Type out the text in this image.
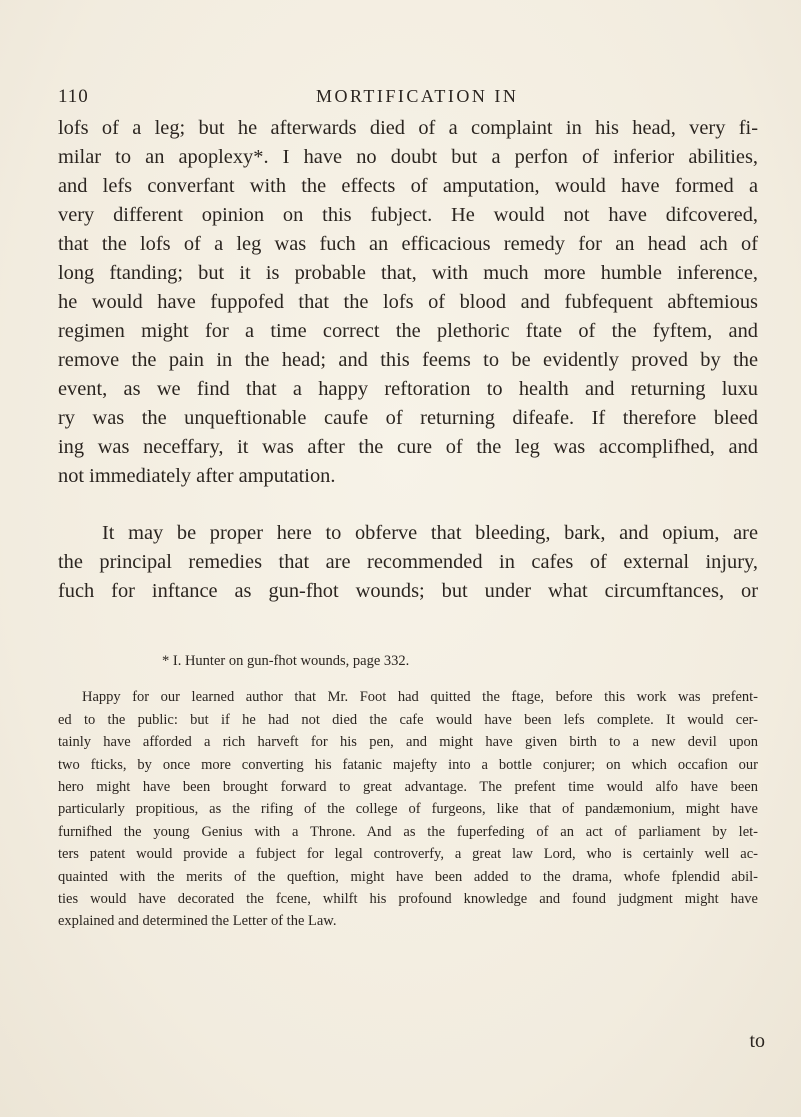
110	MORTIFICATION IN

lofs of a leg; but he afterwards died of a complaint in his head, very fi-
milar to an apoplexy*. I have no doubt but a perfon of inferior abilities,
and lefs converfant with the effects of amputation, would have formed a
very different opinion on this fubject. He would not have difcovered,
that the lofs of a leg was fuch an efficacious remedy for an head ach of
long ftanding; but it is probable that, with much more humble inference,
he would have fuppofed that the lofs of blood and fubfequent abftemious
regimen might for a time correct the plethoric ftate of the fyftem, and
remove the pain in the head; and this feems to be evidently proved by the
event, as we find that a happy reftoration to health and returning luxu
ry was the unqueftionable caufe of returning difeafe. If therefore bleed
ing was neceffary, it was after the cure of the leg was accomplifhed, and
not immediately after amputation.

It may be proper here to obferve that bleeding, bark, and opium, are
the principal remedies that are recommended in cafes of external injury,
fuch for inftance as gun-fhot wounds; but under what circumftances, or

* I. Hunter on gun-fhot wounds, page 332.
Happy for our learned author that Mr. Foot had quitted the ftage, before this work was prefent-
ed to the public: but if he had not died the cafe would have been lefs complete. It would cer-
tainly have afforded a rich harveft for his pen, and might have given birth to a new devil upon
two fticks, by once more converting his fatanic majefty into a bottle conjurer; on which occafion our
hero might have been brought forward to great advantage. The prefent time would alfo have been
particularly propitious, as the rifing of the college of furgeons, like that of pandæmonium, might have
furnifhed the young Genius with a Throne. And as the fuperfeding of an act of parliament by let-
ters patent would provide a fubject for legal controverfy, a great law Lord, who is certainly well ac-
quainted with the merits of the queftion, might have been added to the drama, whofe fplendid abil-
ties would have decorated the fcene, whilft his profound knowledge and found judgment might have
explained and determined the Letter of the Law.
to
